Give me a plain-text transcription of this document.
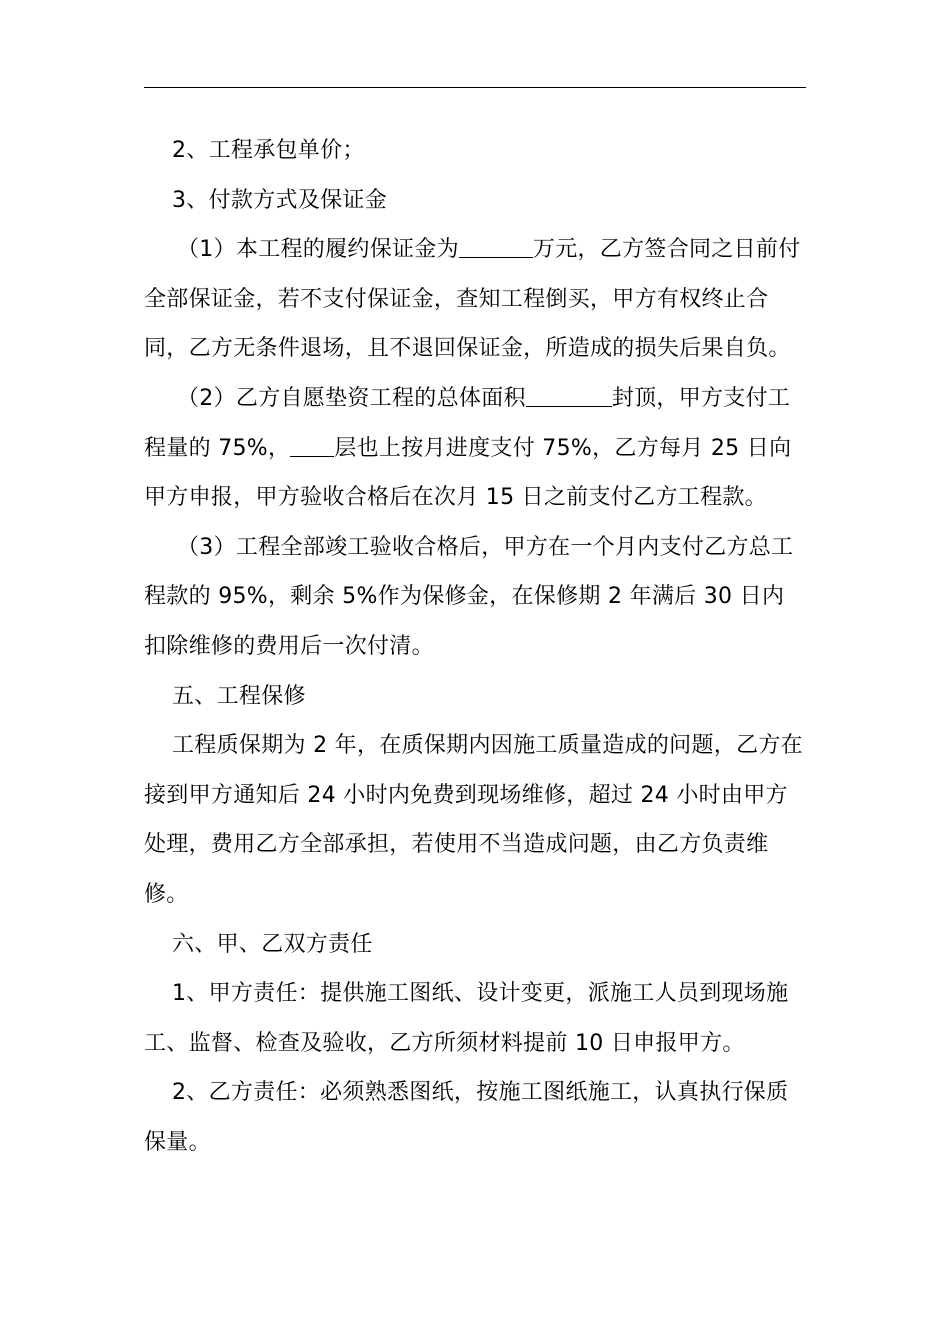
2、工程承包单价；

3、付款方式及保证金

（1）本工程的履约保证金为	万元，乙方签合同之日前付全部保证金，若不支付保证金，查知工程倒买，甲方有权终止合同，乙方无条件退场，且不退回保证金，所造成的损失后果自负。

（2）乙方自愿垫资工程的总体面积	封顶，甲方支付工程量的 75%， 层也上按月进度支付 75%，乙方每月 25 日向甲方申报，甲方验收合格后在次月 15 日之前支付乙方工程款。

（3）工程全部竣工验收合格后，甲方在一个月内支付乙方总工程款的 95%，剩余 5%作为保修金，在保修期 2 年满后 30 日内扣除维修的费用后一次付清。

五、工程保修

工程质保期为 2 年，在质保期内因施工质量造成的问题，乙方在接到甲方通知后 24 小时内免费到现场维修，超过 24 小时由甲方处理，费用乙方全部承担，若使用不当造成问题，由乙方负责维修。

六、甲、乙双方责任

1、甲方责任：提供施工图纸、设计变更，派施工人员到现场施工、监督、检查及验收，乙方所须材料提前 10 日申报甲方。

2、乙方责任：必须熟悉图纸，按施工图纸施工，认真执行保质保量。
